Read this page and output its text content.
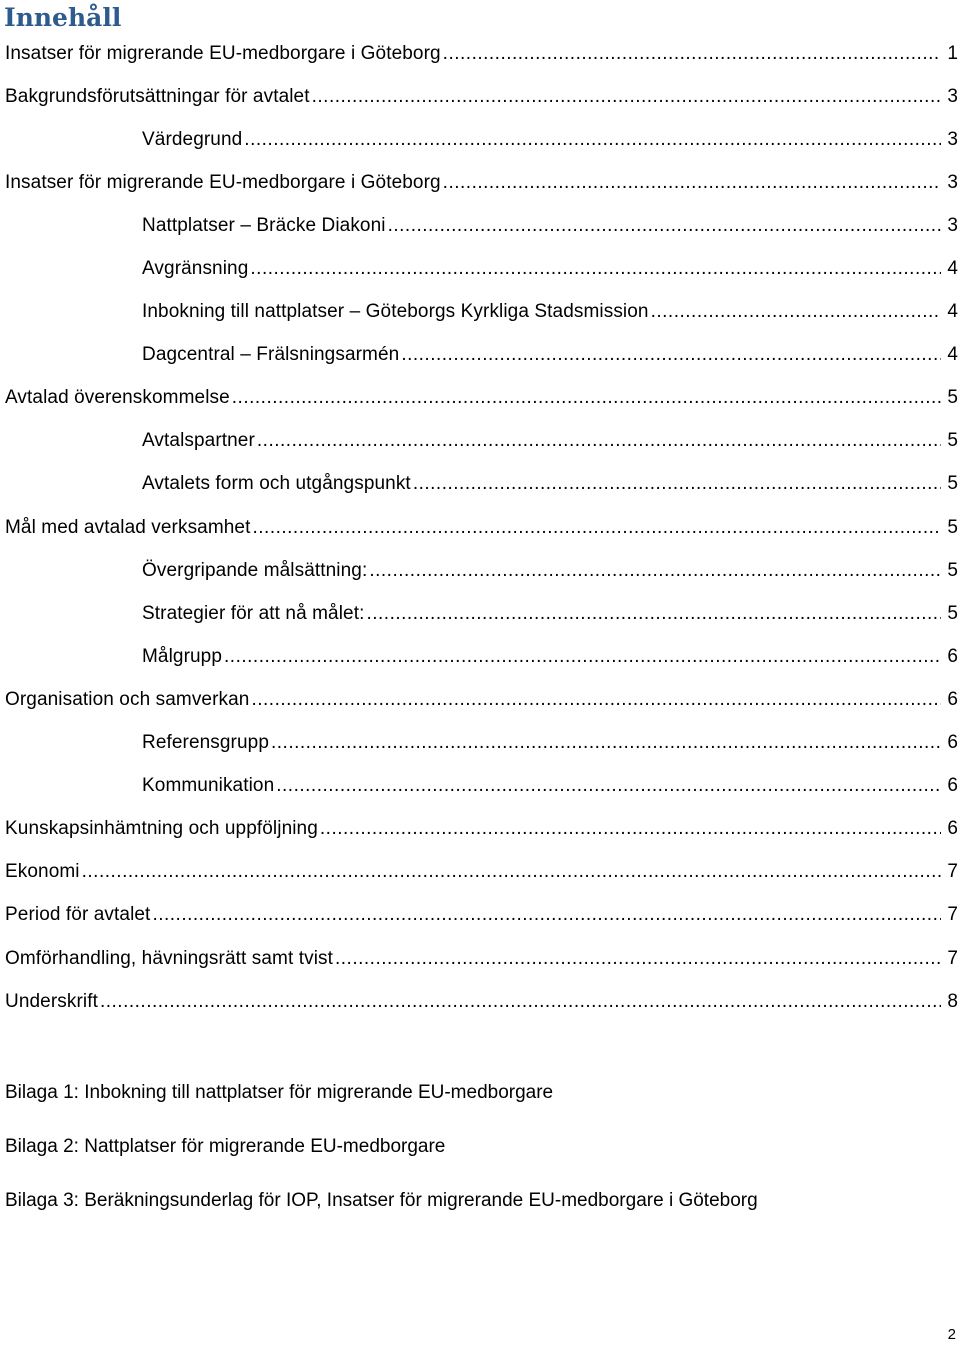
Innehåll
Insatser för migrerande EU-medborgare i Göteborg .....	1
Bakgrundsförutsättningar för avtalet .....	3
Värdegrund .....	3
Insatser för migrerande EU-medborgare i Göteborg .....	3
Nattplatser – Bräcke Diakoni .....	3
Avgränsning .....	4
Inbokning till nattplatser – Göteborgs Kyrkliga Stadsmission .....	4
Dagcentral – Frälsningsarmén .....	4
Avtalad överenskommelse .....	5
Avtalspartner .....	5
Avtalets form och utgångspunkt .....	5
Mål med avtalad verksamhet .....	5
Övergripande målsättning: .....	5
Strategier för att nå målet: .....	5
Målgrupp .....	6
Organisation och samverkan .....	6
Referensgrupp .....	6
Kommunikation .....	6
Kunskapsinhämtning och uppföljning .....	6
Ekonomi .....	7
Period för avtalet .....	7
Omförhandling, hävningsrätt samt tvist .....	7
Underskrift .....	8
Bilaga 1: Inbokning till nattplatser för migrerande EU-medborgare
Bilaga 2: Nattplatser för migrerande EU-medborgare
Bilaga 3: Beräkningsunderlag för IOP, Insatser för migrerande EU-medborgare i Göteborg
2
